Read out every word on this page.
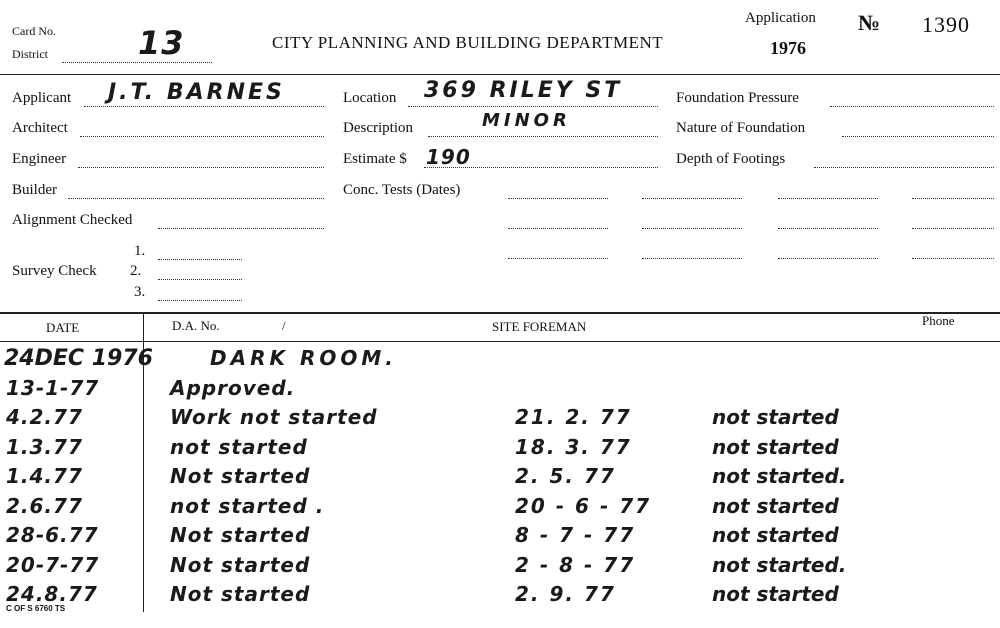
Card No.
District	13	CITY PLANNING AND BUILDING DEPARTMENT
Application
1976
№ 1390
Applicant J.T. BARNES
Architect
Engineer
Builder
Alignment Checked
Survey Check
1.
2.
3.
Location 369 RILEY ST
Description	MINOR
Estimate $ 190
Conc. Tests (Dates)
Foundation Pressure
Nature of Foundation
Depth of Footings
DATE	D.A. No.	/	SITE FOREMAN	Phone
24DEC 1976	DARK ROOM.
13-1-77	Approved.
4.2.77	Work not started	21. 2. 77	not started
1.3.77	not started	18. 3. 77	not started
1.4.77	Not started	2. 5. 77	not started.
2.6.77	not started .	20 - 6 - 77	not started
28-6.77	Not started	8 - 7 - 77	not started
20-7-77	Not started	2 - 8 - 77	not started.
24.8.77	Not started	2. 9. 77	not started
C OF S 6760 TS
